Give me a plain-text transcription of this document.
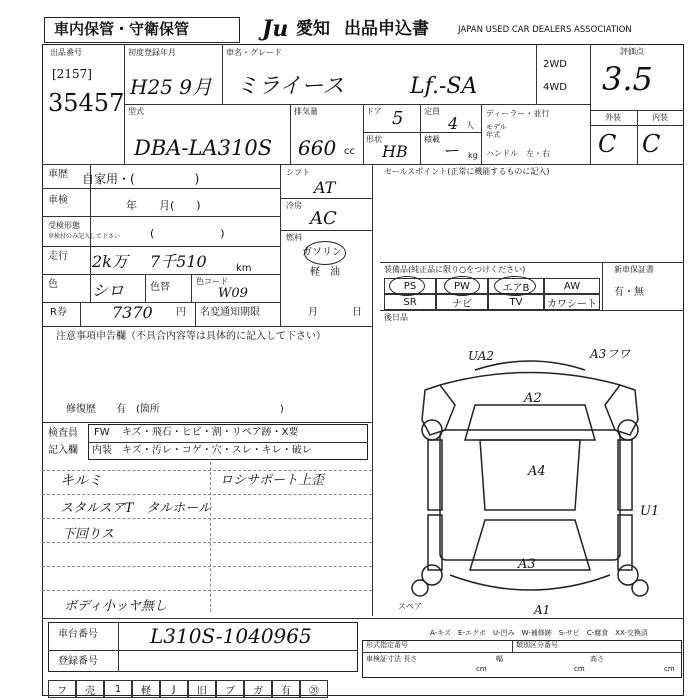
車内保管・守衛保管	Ju 愛知 出品申込書	JAPAN USED CAR DEALERS ASSOCIATION
出品番号
[2157]
35457
初度登録年月
H25 9月
車名・グレード
ミライース	Lf.-SA
2WD
4WD
評価点
3.5
型式
DBA-LA310S
排気量
660 cc
ドア 5	定員
4 人
形状
HB
積載
ー kg
ディーラー・並行
モデル
年式
ハンドル　左・右
外装	内装
C C
車歴 自家用・(　　　　　)
車検	年　　月(　　)
受検形態
車検付のみ記入して下さい	(　　　　　　)
走行 2k万 7千510	km
色 シロ	色替
色コード
W09
シフト
AT
冷房
AC
燃料
ガソリン
軽　油
R券	7370 円 名変通知期限	月	日
セールスポイント(正常に機能するものに記入)
装備品(純正品に限り○をつけください)	新車保証書
有・無
PS	PW	エアB	AW
SR	ナビ	TV	カワシート
後日品
注意事項申告欄（不具合内容等は具体的に記入して下さい）
修復歴　　有　(箇所　　　　　　　　　　　　)
検査員
記入欄
FW キズ・飛石・ヒビ・割・リペア跡・X要
内装 キズ・汚レ・コゲ・穴・スレ・キレ・破レ
キルミ	ロシサポート上歪
スタルスアT　タルホール
下回りス
ボディ小ッヤ無し
UA2	A3フワ
A2
A4
U1
A3
A1
スペア
A-キズ　E-エクボ　U-凹み　W-補修跡　S-サビ　C-腐食　XX-交換済
車台番号	L310S-1040965
登録番号
形式指定番号	類別区分番号
車検証寸法 長さ
cm
幅
cm
高さ
cm
フ	売	1	軽	J	旧	ブ	ガ	有	⑳
